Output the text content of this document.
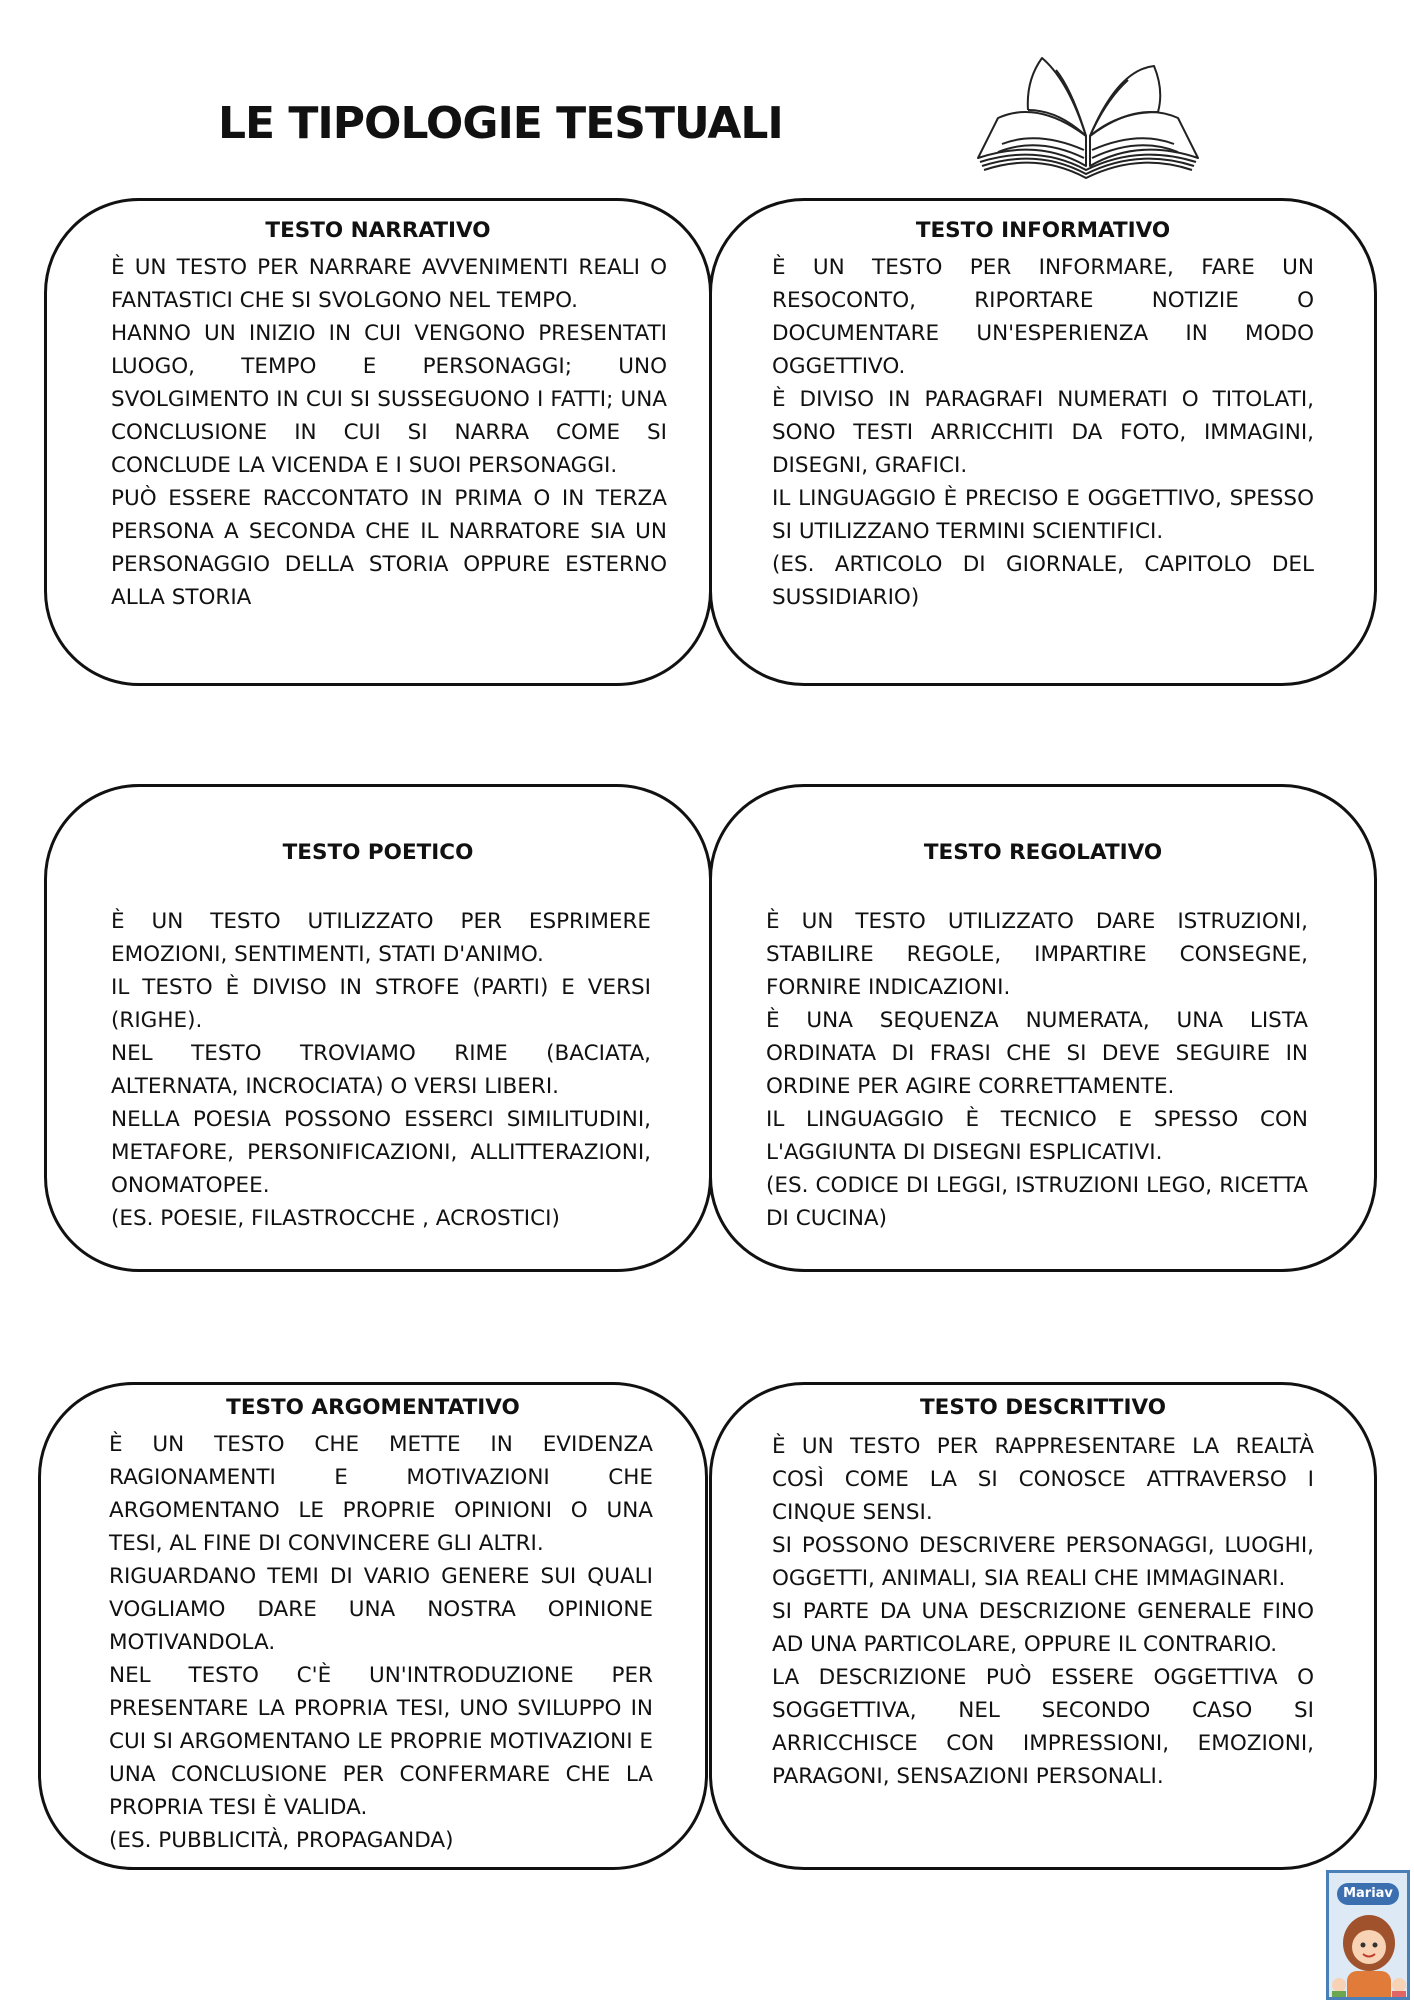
LE TIPOLOGIE TESTUALI
TESTO NARRATIVO

È UN TESTO PER NARRARE AVVENIMENTI REALI O FANTASTICI CHE SI SVOLGONO NEL TEMPO.

HANNO UN INIZIO IN CUI VENGONO PRESENTATI LUOGO, TEMPO E PERSONAGGI; UNO SVOLGIMENTO IN CUI SI SUSSEGUONO I FATTI; UNA CONCLUSIONE IN CUI SI NARRA COME SI CONCLUDE LA VICENDA E I SUOI PERSONAGGI.

PUÒ ESSERE RACCONTATO IN PRIMA O IN TERZA PERSONA A SECONDA CHE IL NARRATORE SIA UN PERSONAGGIO DELLA STORIA OPPURE ESTERNO ALLA STORIA

TESTO INFORMATIVO

È UN TESTO PER INFORMARE, FARE UN RESOCONTO, RIPORTARE NOTIZIE O DOCUMENTARE UN'ESPERIENZA IN MODO OGGETTIVO.

È DIVISO IN PARAGRAFI NUMERATI O TITOLATI, SONO TESTI ARRICCHITI DA FOTO, IMMAGINI, DISEGNI, GRAFICI.

IL LINGUAGGIO È PRECISO E OGGETTIVO, SPESSO SI UTILIZZANO TERMINI SCIENTIFICI.

(ES. ARTICOLO DI GIORNALE, CAPITOLO DEL SUSSIDIARIO)

TESTO POETICO

È UN TESTO UTILIZZATO PER ESPRIMERE EMOZIONI, SENTIMENTI, STATI D'ANIMO.

IL TESTO È DIVISO IN STROFE (PARTI) E VERSI (RIGHE).

NEL TESTO TROVIAMO RIME (BACIATA, ALTERNATA, INCROCIATA) O VERSI LIBERI.

NELLA POESIA POSSONO ESSERCI SIMILITUDINI, METAFORE, PERSONIFICAZIONI, ALLITTERAZIONI, ONOMATOPEE.

(ES. POESIE, FILASTROCCHE , ACROSTICI)

TESTO REGOLATIVO

È UN TESTO UTILIZZATO DARE ISTRUZIONI, STABILIRE REGOLE, IMPARTIRE CONSEGNE, FORNIRE INDICAZIONI.

È UNA SEQUENZA NUMERATA, UNA LISTA ORDINATA DI FRASI CHE SI DEVE SEGUIRE IN ORDINE PER AGIRE CORRETTAMENTE.

IL LINGUAGGIO È TECNICO E SPESSO CON L'AGGIUNTA DI DISEGNI ESPLICATIVI.

(ES. CODICE DI LEGGI, ISTRUZIONI LEGO, RICETTA DI CUCINA)

TESTO ARGOMENTATIVO

È UN TESTO CHE METTE IN EVIDENZA RAGIONAMENTI E MOTIVAZIONI CHE ARGOMENTANO LE PROPRIE OPINIONI O UNA TESI, AL FINE DI CONVINCERE GLI ALTRI.

RIGUARDANO TEMI DI VARIO GENERE SUI QUALI VOGLIAMO DARE UNA NOSTRA OPINIONE MOTIVANDOLA.

NEL TESTO C'È UN'INTRODUZIONE PER PRESENTARE LA PROPRIA TESI, UNO SVILUPPO IN CUI SI ARGOMENTANO LE PROPRIE MOTIVAZIONI E UNA CONCLUSIONE PER CONFERMARE CHE LA PROPRIA TESI È VALIDA.

(ES. PUBBLICITÀ, PROPAGANDA)

TESTO DESCRITTIVO

È UN TESTO PER RAPPRESENTARE LA REALTÀ COSÌ COME LA SI CONOSCE ATTRAVERSO I CINQUE SENSI.

SI POSSONO DESCRIVERE PERSONAGGI, LUOGHI, OGGETTI, ANIMALI, SIA REALI CHE IMMAGINARI.

SI PARTE DA UNA DESCRIZIONE GENERALE FINO AD UNA PARTICOLARE, OPPURE IL CONTRARIO.

LA DESCRIZIONE PUÒ ESSERE OGGETTIVA O SOGGETTIVA, NEL SECONDO CASO SI ARRICCHISCE CON IMPRESSIONI, EMOZIONI, PARAGONI, SENSAZIONI PERSONALI.

Mariav
